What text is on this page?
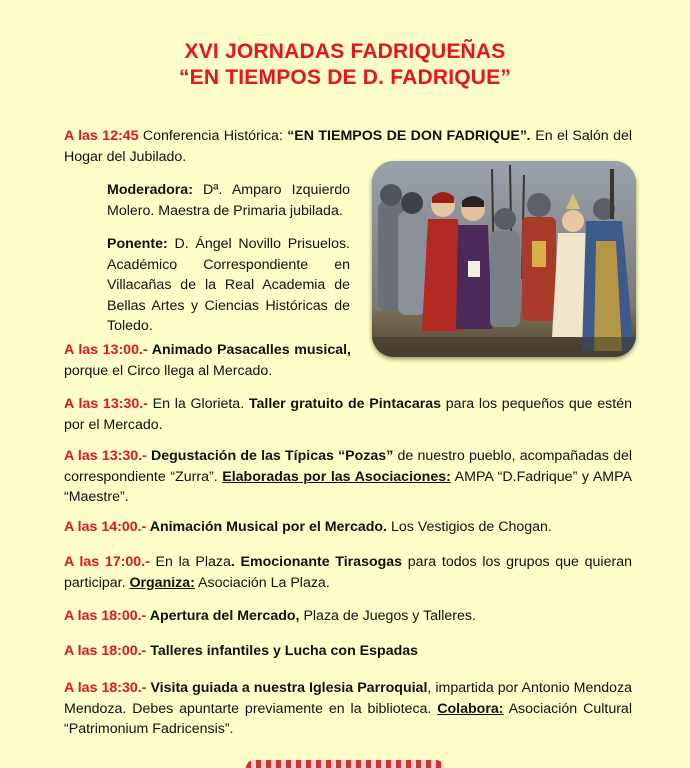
XVI JORNADAS FADRIQUEÑAS
“EN TIEMPOS DE D. FADRIQUE”
A las 12:45 Conferencia Histórica: “EN TIEMPOS DE DON FADRIQUE”. En el Salón del Hogar del Jubilado.
Moderadora: Dª. Amparo Izquierdo Molero. Maestra de Primaria jubilada.
Ponente: D. Ángel Novillo Prisuelos. Académico Correspondiente en Villacañas de la Real Academia de Bellas Artes y Ciencias Históricas de Toledo.
A las 13:00.- Animado Pasacalles musical, porque el Circo llega al Mercado.
A las 13:30.- En la Glorieta. Taller gratuito de Pintacaras para los pequeños que estén por el Mercado.
A las 13:30.- Degustación de las Típicas “Pozas” de nuestro pueblo, acompañadas del correspondiente “Zurra”. Elaboradas por las Asociaciones: AMPA “D.Fadrique” y AMPA “Maestre”.
A las 14:00.- Animación Musical por el Mercado. Los Vestigios de Chogan.
A las 17:00.- En la Plaza. Emocionante Tirasogas para todos los grupos que quieran participar. Organiza: Asociación La Plaza.
A las 18:00.- Apertura del Mercado, Plaza de Juegos y Talleres.
A las 18:00.- Talleres infantiles y Lucha con Espadas
A las 18:30.- Visita guiada a nuestra Iglesia Parroquial, impartida por Antonio Mendoza Mendoza. Debes apuntarte previamente en la biblioteca. Colabora: Asociación Cultural “Patrimonium Fadricensis”.
